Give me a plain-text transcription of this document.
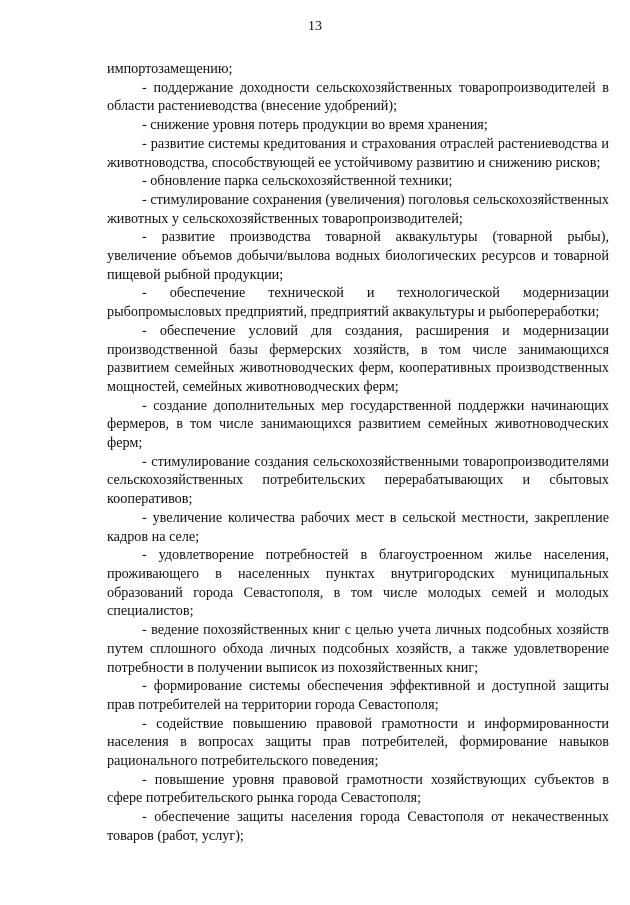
13

импортозамещению;

- поддержание доходности сельскохозяйственных товаропроизводителей в области растениеводства (внесение удобрений);

- снижение уровня потерь продукции во время хранения;

- развитие системы кредитования и страхования отраслей растениеводства и животноводства, способствующей ее устойчивому развитию и снижению рисков;

- обновление парка сельскохозяйственной техники;

- стимулирование сохранения (увеличения) поголовья сельскохозяйственных животных у сельскохозяйственных товаропроизводителей;

- развитие производства товарной аквакультуры (товарной рыбы), увеличение объемов добычи/вылова водных биологических ресурсов и товарной пищевой рыбной продукции;

- обеспечение технической и технологической модернизации рыбопромысловых предприятий, предприятий аквакультуры и рыбопереработки;

- обеспечение условий для создания, расширения и модернизации производственной базы фермерских хозяйств, в том числе занимающихся развитием семейных животноводческих ферм, кооперативных производственных мощностей, семейных животноводческих ферм;

- создание дополнительных мер государственной поддержки начинающих фермеров, в том числе занимающихся развитием семейных животноводческих ферм;

- стимулирование создания сельскохозяйственными товаропроизводителями сельскохозяйственных потребительских перерабатывающих и сбытовых кооперативов;

- увеличение количества рабочих мест в сельской местности, закрепление кадров на селе;

- удовлетворение потребностей в благоустроенном жилье населения, проживающего в населенных пунктах внутригородских муниципальных образований города Севастополя, в том числе молодых семей и молодых специалистов;

- ведение похозяйственных книг с целью учета личных подсобных хозяйств путем сплошного обхода личных подсобных хозяйств, а также удовлетворение потребности в получении выписок из похозяйственных книг;

- формирование системы обеспечения эффективной и доступной защиты прав потребителей на территории города Севастополя;

- содействие повышению правовой грамотности и информированности населения в вопросах защиты прав потребителей, формирование навыков рационального потребительского поведения;

- повышение уровня правовой грамотности хозяйствующих субъектов в сфере потребительского рынка города Севастополя;

- обеспечение защиты населения города Севастополя от некачественных товаров (работ, услуг);
